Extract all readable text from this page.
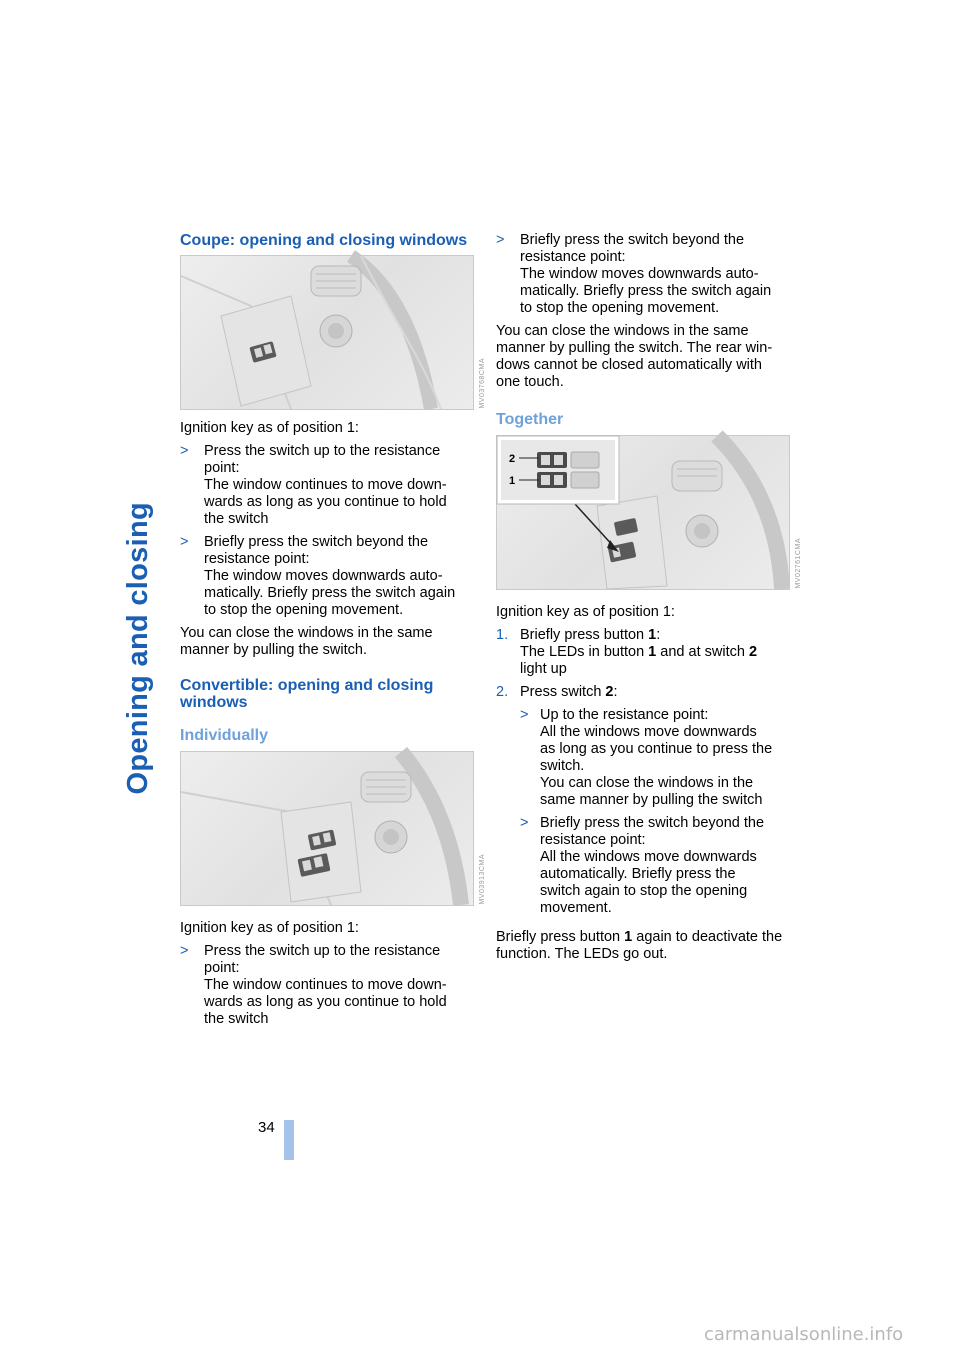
Opening and closing
Coupe: opening and closing windows
MV03768CMA

Ignition key as of position 1:

>	Press the switch up to the resistance
point:
The window continues to move down-
wards as long as you continue to hold
the switch
>	Briefly press the switch beyond the
resistance point:
The window moves downwards auto-
matically. Briefly press the switch again
to stop the opening movement.

You can close the windows in the same manner by pulling the switch.

Convertible: opening and closing windows
Individually
MV03913CMA

Ignition key as of position 1:

>	Press the switch up to the resistance
point:
The window continues to move down-
wards as long as you continue to hold
the switch
>	Briefly press the switch beyond the
resistance point:
The window moves downwards auto-
matically. Briefly press the switch again
to stop the opening movement.

You can close the windows in the same manner by pulling the switch. The rear win-dows cannot be closed automatically with one touch.

Together
2
1
MV02761CMA

Ignition key as of position 1:

1. Briefly press button 1:
The LEDs in button 1 and at switch 2
light up
2. Press switch 2:
> Up to the resistance point:
All the windows move downwards
as long as you continue to press the
switch.
You can close the windows in the
same manner by pulling the switch
> Briefly press the switch beyond the
resistance point:
All the windows move downwards
automatically. Briefly press the
switch again to stop the opening
movement.

Briefly press button 1 again to deactivate the function. The LEDs go out.

34
carmanualsonline.info
